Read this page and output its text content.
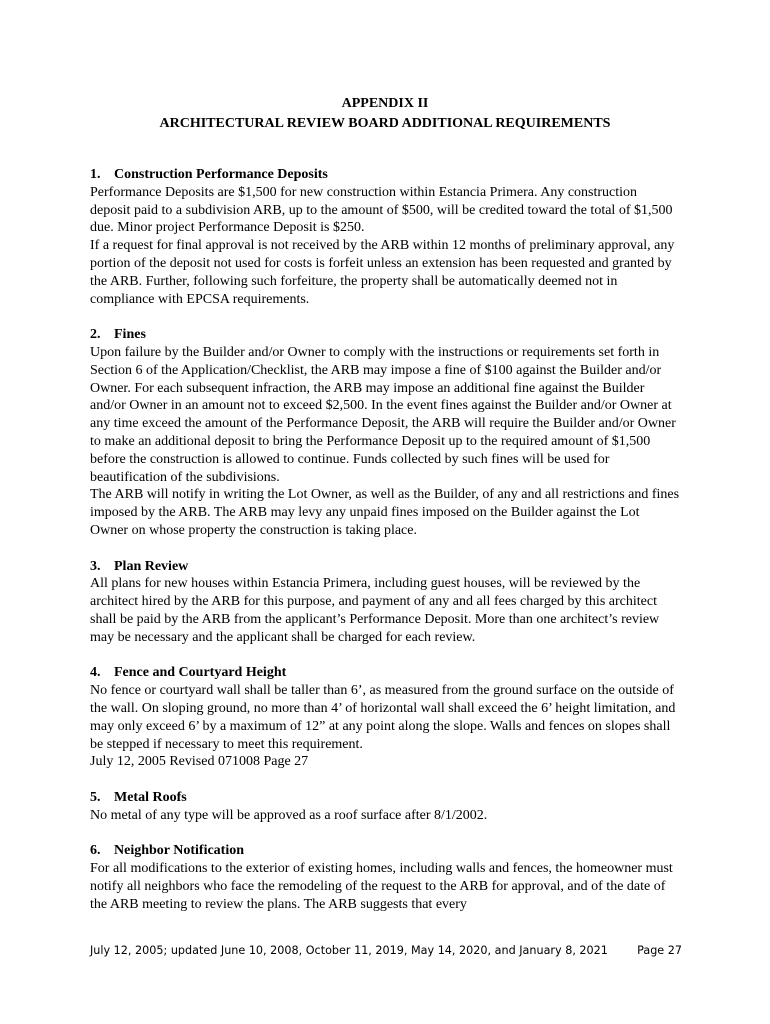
APPENDIX II
ARCHITECTURAL REVIEW BOARD ADDITIONAL REQUIREMENTS
1. Construction Performance Deposits

Performance Deposits are $1,500 for new construction within Estancia Primera. Any construction deposit paid to a subdivision ARB, up to the amount of $500, will be credited toward the total of $1,500 due. Minor project Performance Deposit is $250.

If a request for final approval is not received by the ARB within 12 months of preliminary approval, any portion of the deposit not used for costs is forfeit unless an extension has been requested and granted by the ARB. Further, following such forfeiture, the property shall be automatically deemed not in compliance with EPCSA requirements.

2. Fines

Upon failure by the Builder and/or Owner to comply with the instructions or requirements set forth in Section 6 of the Application/Checklist, the ARB may impose a fine of $100 against the Builder and/or Owner. For each subsequent infraction, the ARB may impose an additional fine against the Builder and/or Owner in an amount not to exceed $2,500. In the event fines against the Builder and/or Owner at any time exceed the amount of the Performance Deposit, the ARB will require the Builder and/or Owner to make an additional deposit to bring the Performance Deposit up to the required amount of $1,500 before the construction is allowed to continue. Funds collected by such fines will be used for beautification of the subdivisions.

The ARB will notify in writing the Lot Owner, as well as the Builder, of any and all restrictions and fines imposed by the ARB. The ARB may levy any unpaid fines imposed on the Builder against the Lot Owner on whose property the construction is taking place.

3. Plan Review

All plans for new houses within Estancia Primera, including guest houses, will be reviewed by the architect hired by the ARB for this purpose, and payment of any and all fees charged by this architect shall be paid by the ARB from the applicant’s Performance Deposit. More than one architect’s review may be necessary and the applicant shall be charged for each review.

4. Fence and Courtyard Height

No fence or courtyard wall shall be taller than 6’, as measured from the ground surface on the outside of the wall. On sloping ground, no more than 4’ of horizontal wall shall exceed the 6’ height limitation, and may only exceed 6’ by a maximum of 12” at any point along the slope. Walls and fences on slopes shall be stepped if necessary to meet this requirement.

July 12, 2005 Revised 071008 Page 27

5. Metal Roofs

No metal of any type will be approved as a roof surface after 8/1/2002.

6. Neighbor Notification

For all modifications to the exterior of existing homes, including walls and fences, the homeowner must notify all neighbors who face the remodeling of the request to the ARB for approval, and of the date of the ARB meeting to review the plans. The ARB suggests that every

July 12, 2005; updated June 10, 2008, October 11, 2019, May 14, 2020, and January 8, 2021	Page 27
